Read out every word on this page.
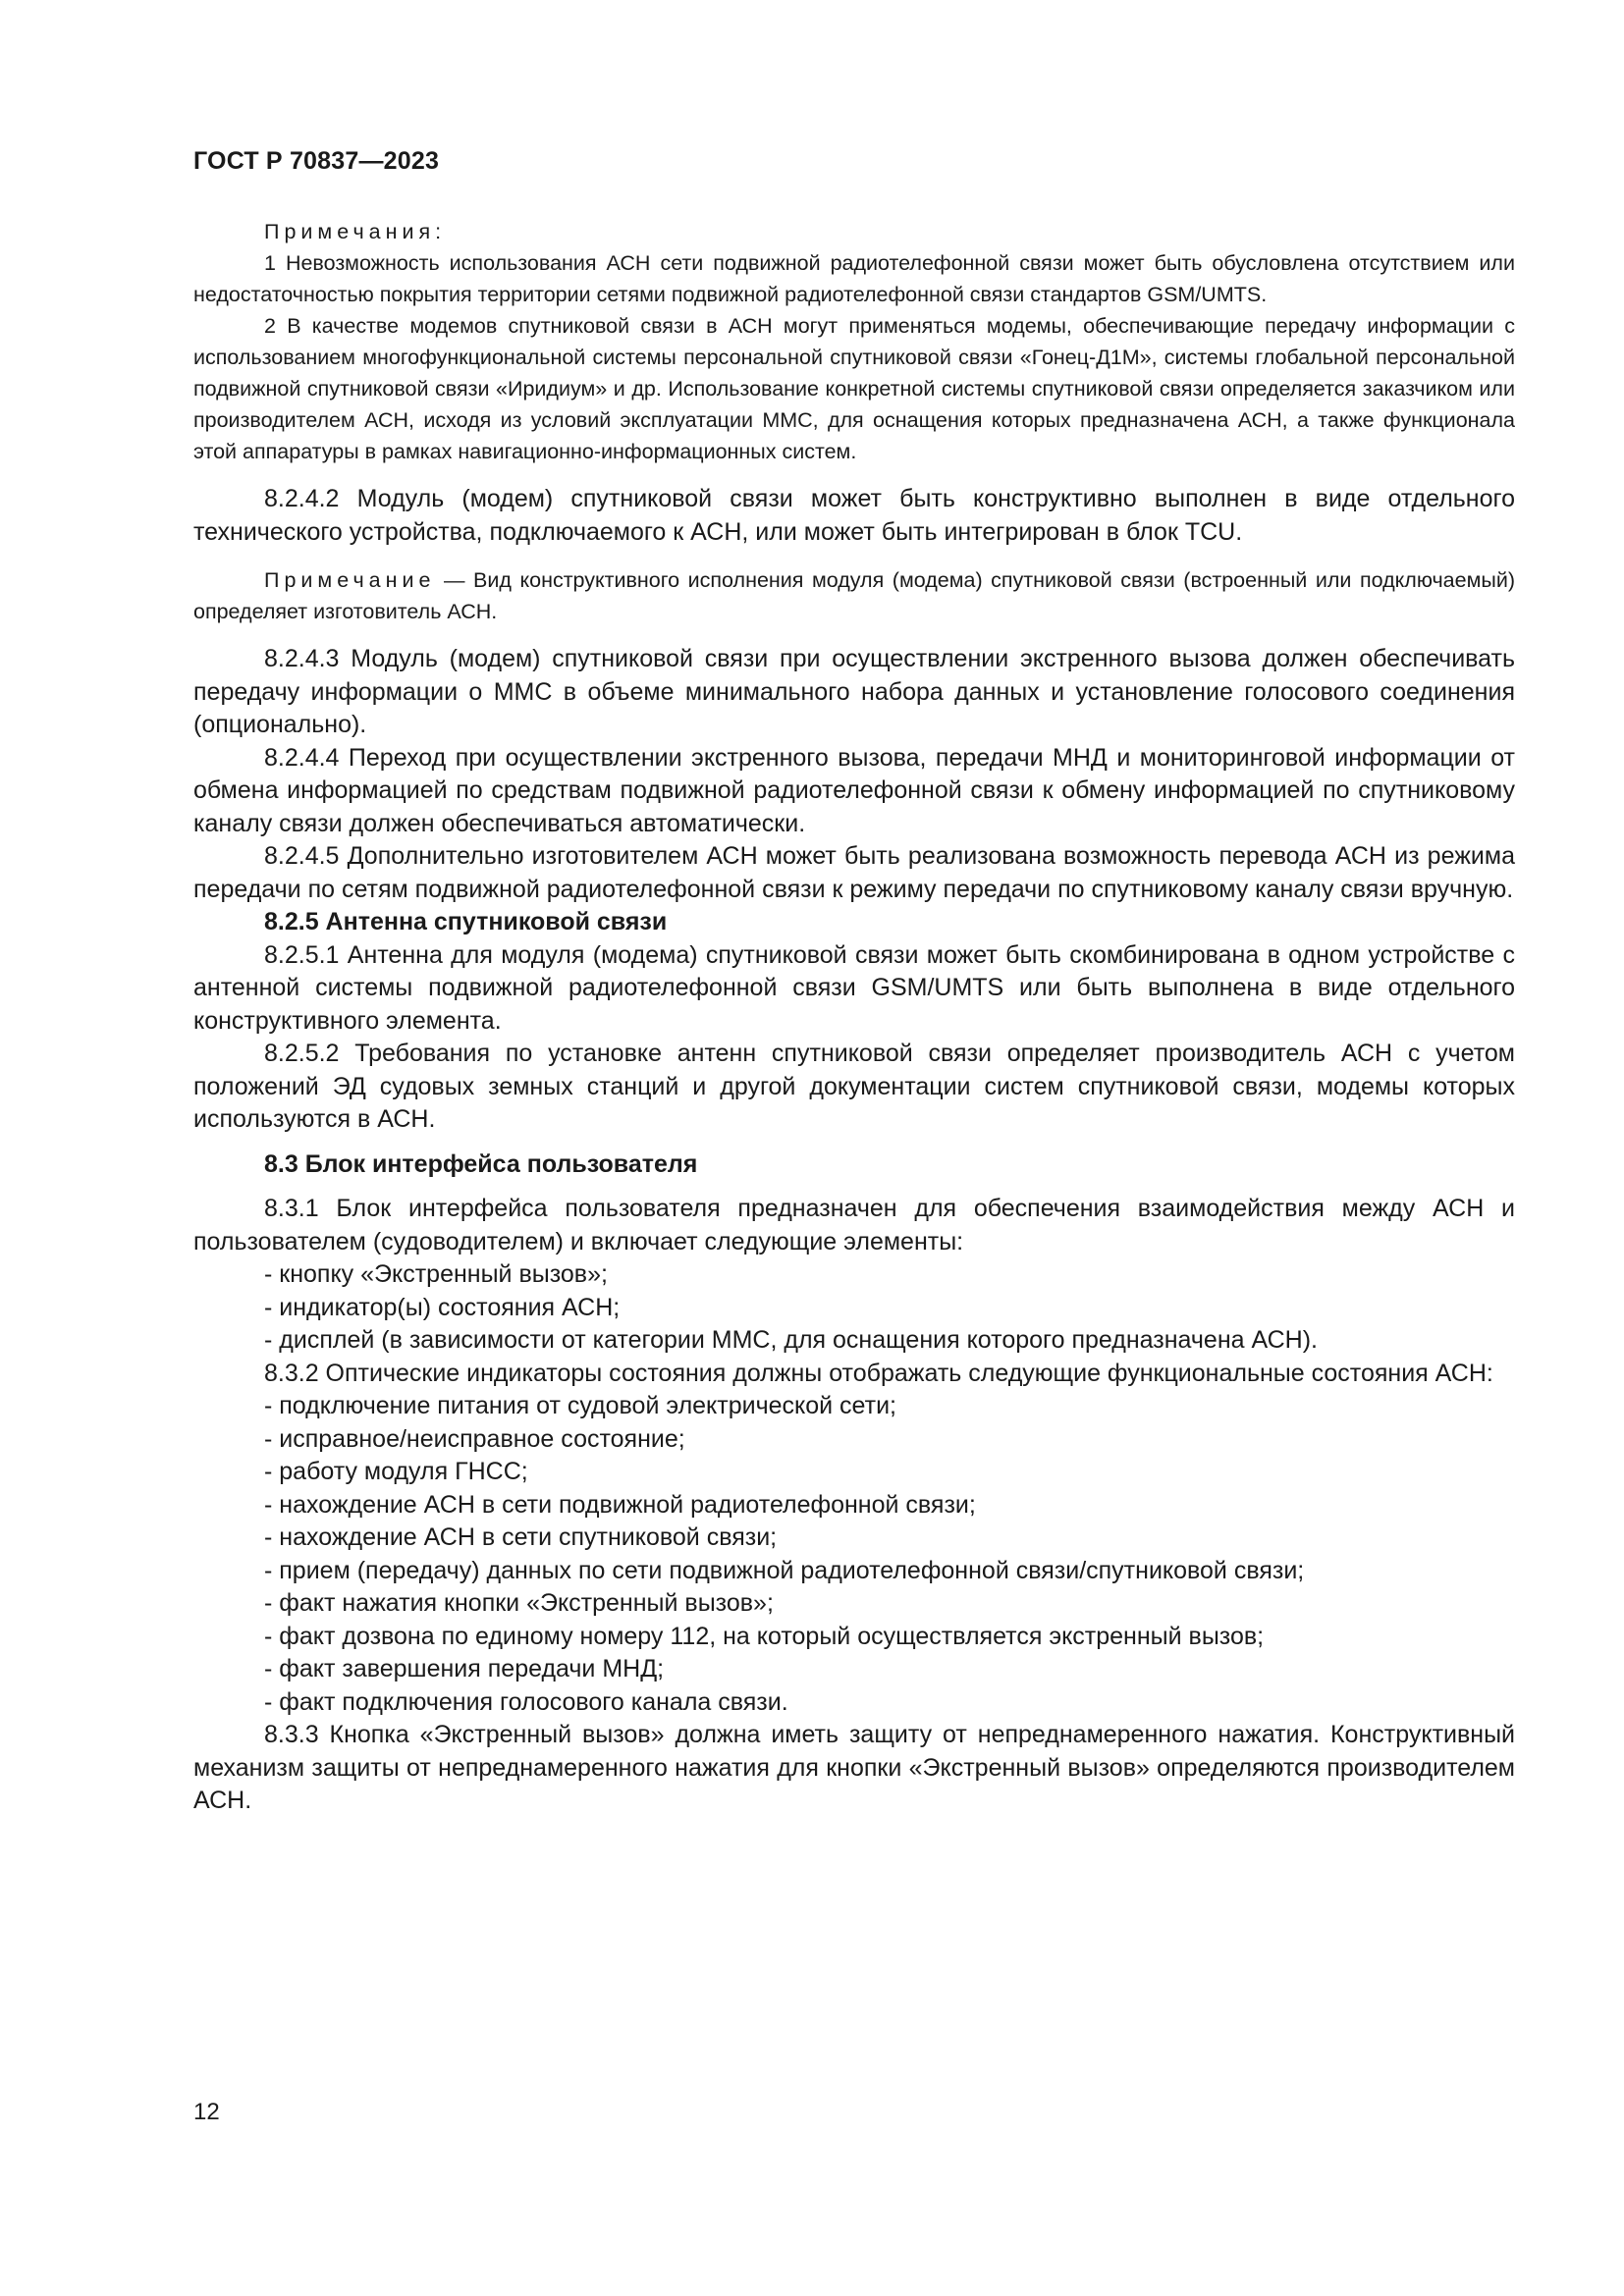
ГОСТ Р 70837—2023
Примечания:

1 Невозможность использования АСН сети подвижной радиотелефонной связи может быть обусловлена отсутствием или недостаточностью покрытия территории сетями подвижной радиотелефонной связи стандартов GSM/UMTS.

2 В качестве модемов спутниковой связи в АСН могут применяться модемы, обеспечивающие передачу информации с использованием многофункциональной системы персональной спутниковой связи «Гонец-Д1М», системы глобальной персональной подвижной спутниковой связи «Иридиум» и др. Использование конкретной системы спутниковой связи определяется заказчиком или производителем АСН, исходя из условий эксплуатации ММС, для оснащения которых предназначена АСН, а также функционала этой аппаратуры в рамках навигационно-информационных систем.

8.2.4.2 Модуль (модем) спутниковой связи может быть конструктивно выполнен в виде отдельного технического устройства, подключаемого к АСН, или может быть интегрирован в блок TCU.

Примечание — Вид конструктивного исполнения модуля (модема) спутниковой связи (встроенный или подключаемый) определяет изготовитель АСН.

8.2.4.3 Модуль (модем) спутниковой связи при осуществлении экстренного вызова должен обеспечивать передачу информации о ММС в объеме минимального набора данных и установление голосового соединения (опционально).

8.2.4.4 Переход при осуществлении экстренного вызова, передачи МНД и мониторинговой информации от обмена информацией по средствам подвижной радиотелефонной связи к обмену информацией по спутниковому каналу связи должен обеспечиваться автоматически.

8.2.4.5 Дополнительно изготовителем АСН может быть реализована возможность перевода АСН из режима передачи по сетям подвижной радиотелефонной связи к режиму передачи по спутниковому каналу связи вручную.

8.2.5 Антенна спутниковой связи

8.2.5.1 Антенна для модуля (модема) спутниковой связи может быть скомбинирована в одном устройстве с антенной системы подвижной радиотелефонной связи GSM/UMTS или быть выполнена в виде отдельного конструктивного элемента.

8.2.5.2 Требования по установке антенн спутниковой связи определяет производитель АСН с учетом положений ЭД судовых земных станций и другой документации систем спутниковой связи, модемы которых используются в АСН.

8.3 Блок интерфейса пользователя

8.3.1 Блок интерфейса пользователя предназначен для обеспечения взаимодействия между АСН и пользователем (судоводителем) и включает следующие элементы:

- кнопку «Экстренный вызов»;
- индикатор(ы) состояния АСН;
- дисплей (в зависимости от категории ММС, для оснащения которого предназначена АСН).

8.3.2 Оптические индикаторы состояния должны отображать следующие функциональные состояния АСН:

- подключение питания от судовой электрической сети;
- исправное/неисправное состояние;
- работу модуля ГНСС;
- нахождение АСН в сети подвижной радиотелефонной связи;
- нахождение АСН в сети спутниковой связи;
- прием (передачу) данных по сети подвижной радиотелефонной связи/спутниковой связи;
- факт нажатия кнопки «Экстренный вызов»;
- факт дозвона по единому номеру 112, на который осуществляется экстренный вызов;
- факт завершения передачи МНД;
- факт подключения голосового канала связи.

8.3.3 Кнопка «Экстренный вызов» должна иметь защиту от непреднамеренного нажатия. Конструктивный механизм защиты от непреднамеренного нажатия для кнопки «Экстренный вызов» определяются производителем АСН.

12
